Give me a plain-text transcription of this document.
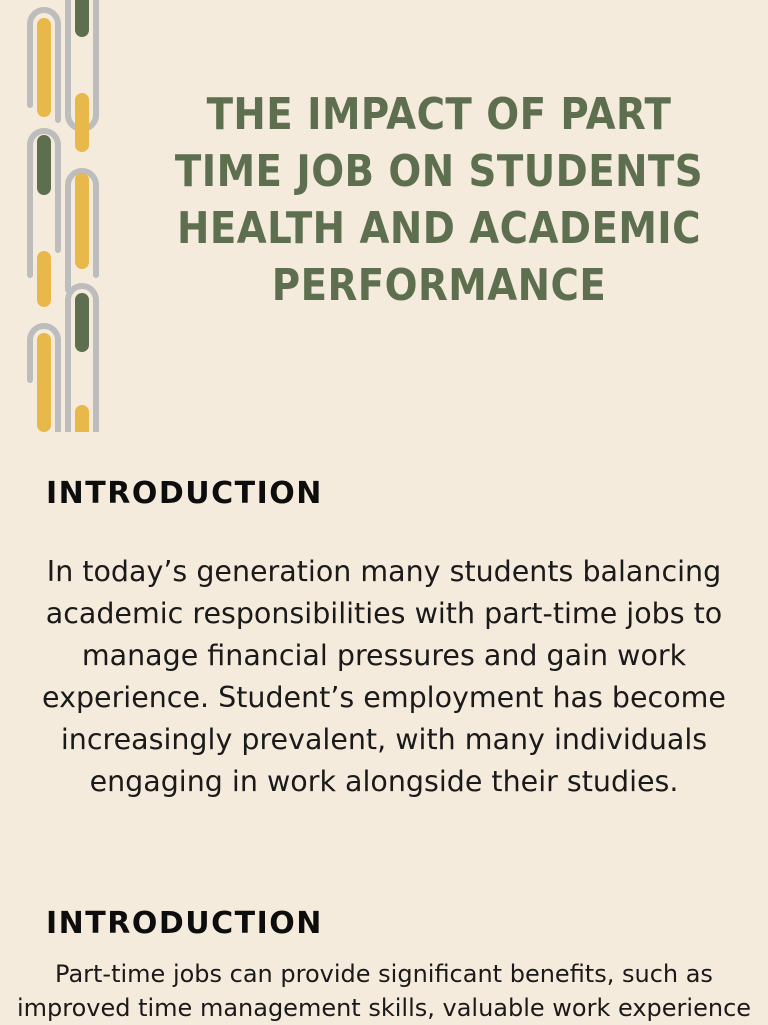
THE IMPACT OF PART TIME JOB ON STUDENTS HEALTH AND ACADEMIC PERFORMANCE
INTRODUCTION

In today’s generation many students balancing academic responsibilities with part-time jobs to manage financial pressures and gain work experience. Student’s employment has become increasingly prevalent, with many individuals engaging in work alongside their studies.

INTRODUCTION

Part-time jobs can provide significant benefits, such as improved time management skills, valuable work experience
